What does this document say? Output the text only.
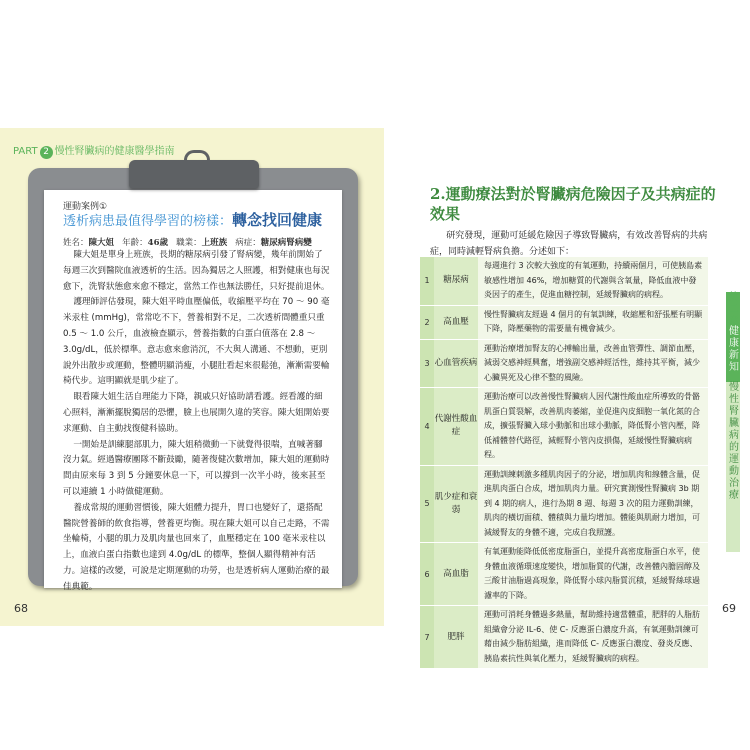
PART 2 慢性腎臟病的健康醫學指南
運動案例①
透析病患最值得學習的榜樣：轉念找回健康
姓名：陳大姐 年齡：46歲 職業：上班族 病症：糖尿病腎病變

陳大姐是單身上班族，長期的糖尿病引發了腎病變，幾年前開始了每週三次到醫院血液透析的生活。因為獨居之人照護，相對健康也每況愈下，洗腎狀態愈來愈不穩定，當然工作也無法勝任，只好提前退休。

護理師評估發現，陳大姐平時血壓偏低，收縮壓平均在 70 ～ 90 毫米汞柱 (mmHg)，常常吃不下，營養相對不足，二次透析間體重只重 0.5 ～ 1.0 公斤，血液檢查顯示，營養指數的白蛋白值落在 2.8 ～ 3.0g/dL，低於標準。意志愈來愈消沉，不大與人溝通、不想動，更別說外出散步或運動，整體明顯消瘦，小腿肚看起來很鬆弛，漸漸需要輪椅代步。這明顯就是肌少症了。

眼看陳大姐生活自理能力下降，親戚只好協助請看護。經看護的細心照料，漸漸擺脫獨居的恐懼，臉上也展開久違的笑容。陳大姐開始要求運動、自主動找復健科協助。

一開始是訓練腿部肌力，陳大姐稍微動一下就覺得很喘，直喊著腳沒力氣。經過醫療團隊不斷鼓勵，隨著復健次數增加，陳大姐的運動時間由原來每 3 到 5 分鐘要休息一下，可以撐到一次半小時，後來甚至可以連續 1 小時做健運動。

養成常規的運動習慣後，陳大姐體力提升，胃口也變好了，還搭配醫院營養師的飲食指導，營養更均衡。現在陳大姐可以自己走路，不需坐輪椅，小腿的肌力及肌肉量也回來了，血壓穩定在 100 毫米汞柱以上，血液白蛋白指數也達到 4.0g/dL 的標準，整個人顯得精神有活力。這樣的改變，可說是定期運動的功勞，也是透析病人運動治療的最佳典範。

68	69
2.運動療法對於腎臟病危險因子及共病症的效果
研究發現，運動可延緩危險因子導致腎臟病，有效改善腎病的共病症，同時減輕腎病負擔。分述如下：
1	糖尿病	每週進行 3 次較大強度的有氧運動，持續兩個月，可使胰島素敏感性增加 46%，增加糖質的代謝與含氧量，降低血液中發炎因子的產生，促進血糖控制，延緩腎臟病的病程。
2	高血壓	慢性腎臟病友經過 4 個月的有氧訓練，收縮壓和舒張壓有明顯下降，降壓藥物的需要量有機會減少。
3	心血管疾病	運動治療增加腎友的心搏輸出量，改善血管彈性、調節血壓，減弱交感神經興奮，增強副交感神經活性，維持其平衡，減少心臟異死及心律不整的風險。
4	代謝性酸血症	運動治療可以改善慢性腎臟病人因代謝性酸血症所導致的骨骼肌蛋白質裂解，改善肌肉萎縮，並促進內皮細胞一氧化氮的合成，擴張腎臟入球小動脈和出球小動脈，降低腎小管內壓，降低補體替代路徑，減輕腎小管內皮損傷，延緩慢性腎臟病病程。
5	肌少症和衰弱	運動訓練刺激多種肌肉因子的分泌，增加肌肉和線體含量，促進肌肉蛋白合成，增加肌肉力量。研究實測慢性腎臟病 3b 期到 4 期的病人，進行為期 8 週、每週 3 次的阻力運動訓練，肌肉的橫切面積、體積與力量均增加。體能與肌耐力增加，可減緩腎友的身體不適，完成自我照護。
6	高血脂	有氧運動能降低低密度脂蛋白，並提升高密度脂蛋白水平，使身體血液循環速度變快，增加脂質的代謝，改善體內膽固醇及三酸甘油脂過高現象，降低腎小球內脂質沉積，延緩腎絲球過濾率的下降。
7	肥胖	運動可消耗身體過多熱量，幫助維持適當體重，肥胖的人脂肪組織會分泌 IL-6、使 C- 反應蛋白濃度升高，有氧運動訓練可藉由減少脂肪組織，進而降低 C- 反應蛋白濃度、發炎反應、胰島素抗性與氧化壓力，延緩腎臟病的病程。
第二章
健康新知
慢性腎臟病的運動治療
